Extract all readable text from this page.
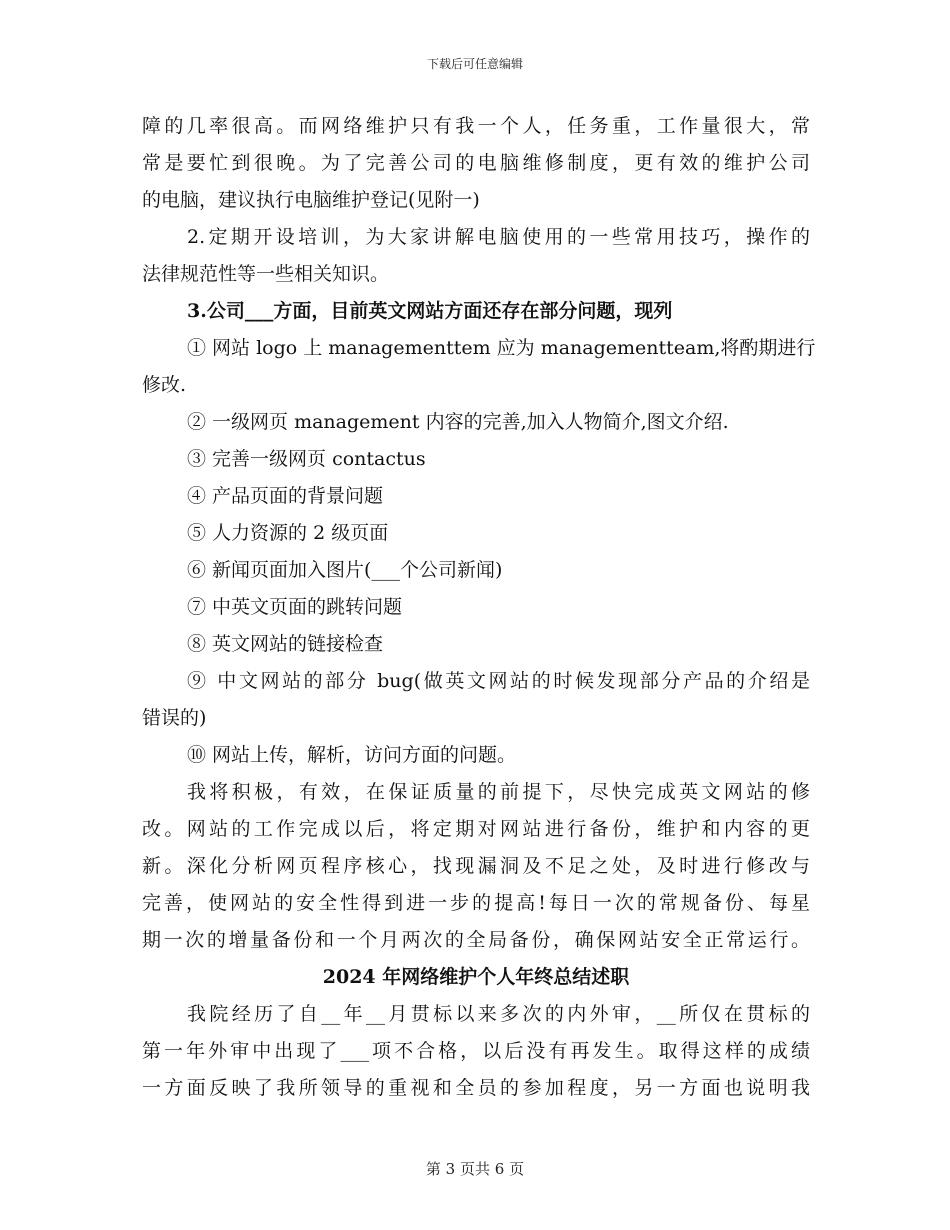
下载后可任意编辑
障的几率很高。而网络维护只有我一个人，任务重，工作量很大，常
常是要忙到很晚。为了完善公司的电脑维修制度，更有效的维护公司
的电脑，建议执行电脑维护登记(见附一)
2.定期开设培训，为大家讲解电脑使用的一些常用技巧，操作的
法律规范性等一些相关知识。
3.公司___方面，目前英文网站方面还存在部分问题，现列
① 网站 logo 上 managementtem 应为 managementteam,将酌期进行
修改.
② 一级网页 management 内容的完善,加入人物简介,图文介绍.
③ 完善一级网页 contactus
④ 产品页面的背景问题
⑤ 人力资源的 2 级页面
⑥ 新闻页面加入图片(___个公司新闻)
⑦ 中英文页面的跳转问题
⑧ 英文网站的链接检查
⑨ 中文网站的部分 bug(做英文网站的时候发现部分产品的介绍是
错误的)
⑩ 网站上传，解析，访问方面的问题。
我将积极，有效，在保证质量的前提下，尽快完成英文网站的修
改。网站的工作完成以后，将定期对网站进行备份，维护和内容的更
新。深化分析网页程序核心，找现漏洞及不足之处，及时进行修改与
完善，使网站的安全性得到进一步的提高!每日一次的常规备份、每星
期一次的增量备份和一个月两次的全局备份，确保网站安全正常运行。
2024 年网络维护个人年终总结述职
我院经历了自__年__月贯标以来多次的内外审，__所仅在贯标的
第一年外审中出现了___项不合格，以后没有再发生。取得这样的成绩
一方面反映了我所领导的重视和全员的参加程度，另一方面也说明我
第 3 页共 6 页
